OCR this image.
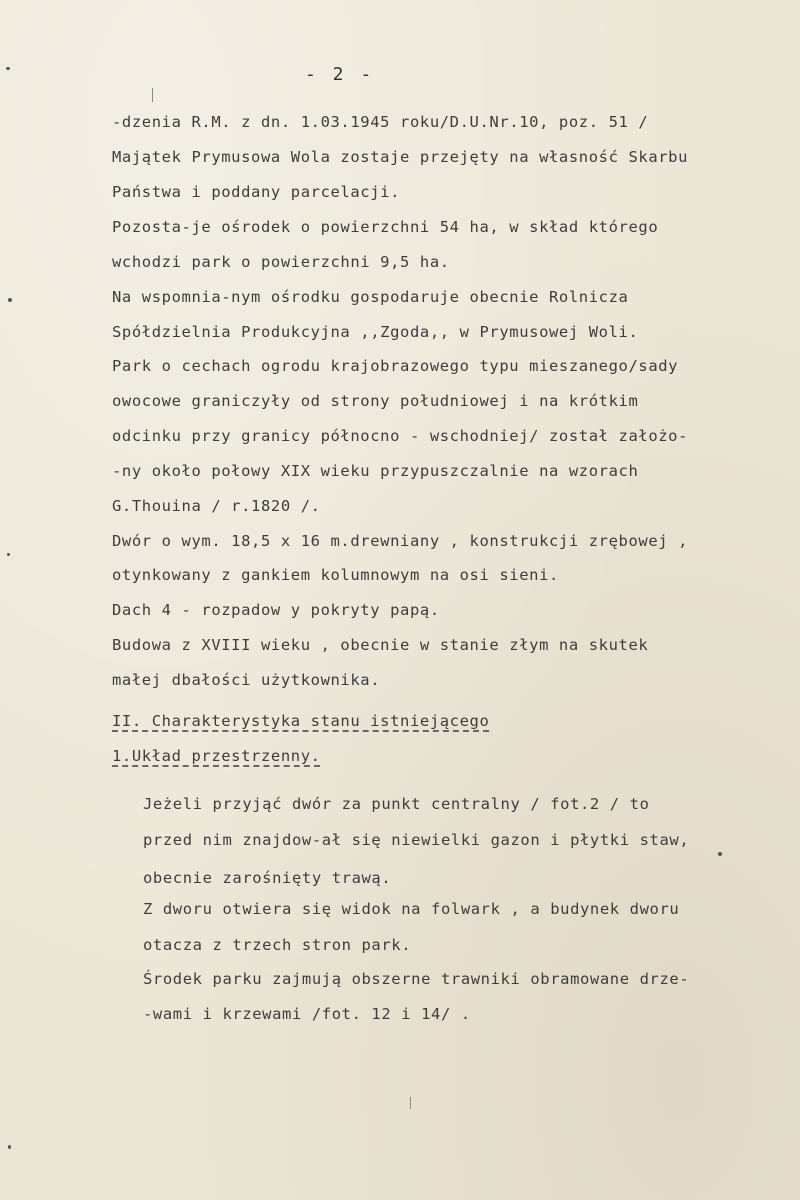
- 2 -
-dzenia R.M. z dn. 1.03.1945 roku/D.U.Nr.10, poz. 51 /
Majątek Prymusowa Wola zostaje przejęty na własność Skarbu
Państwa i poddany parcelacji.
Pozosta-je ośrodek o powierzchni 54 ha, w skład którego
wchodzi park o powierzchni 9,5 ha.
Na wspomnia-nym ośrodku gospodaruje obecnie Rolnicza
Spółdzielnia Produkcyjna ,,Zgoda,, w Prymusowej Woli.
Park o cechach ogrodu krajobrazowego typu mieszanego/sady
owocowe graniczyły od strony południowej i na krótkim
odcinku przy granicy północno - wschodniej/ został założo-
-ny około połowy XIX wieku przypuszczalnie na wzorach
G.Thouina / r.1820 /.
Dwór o wym. 18,5 x 16 m.drewniany , konstrukcji zrębowej ,
otynkowany z gankiem kolumnowym na osi sieni.
Dach 4 - rozpadow y pokryty papą.
Budowa z XVIII wieku , obecnie w stanie złym na skutek
małej dbałości użytkownika.
II. Charakterystyka stanu istniejącego
1.Układ przestrzenny.
Jeżeli przyjąć dwór za punkt centralny / fot.2 / to
przed nim znajdow-ał się niewielki gazon i płytki staw,
obecnie zarośnięty trawą.
Z dworu otwiera się widok na folwark , a budynek dworu
otacza z trzech stron park.
Środek parku zajmują obszerne trawniki obramowane drze-
-wami i krzewami /fot. 12 i 14/ .
